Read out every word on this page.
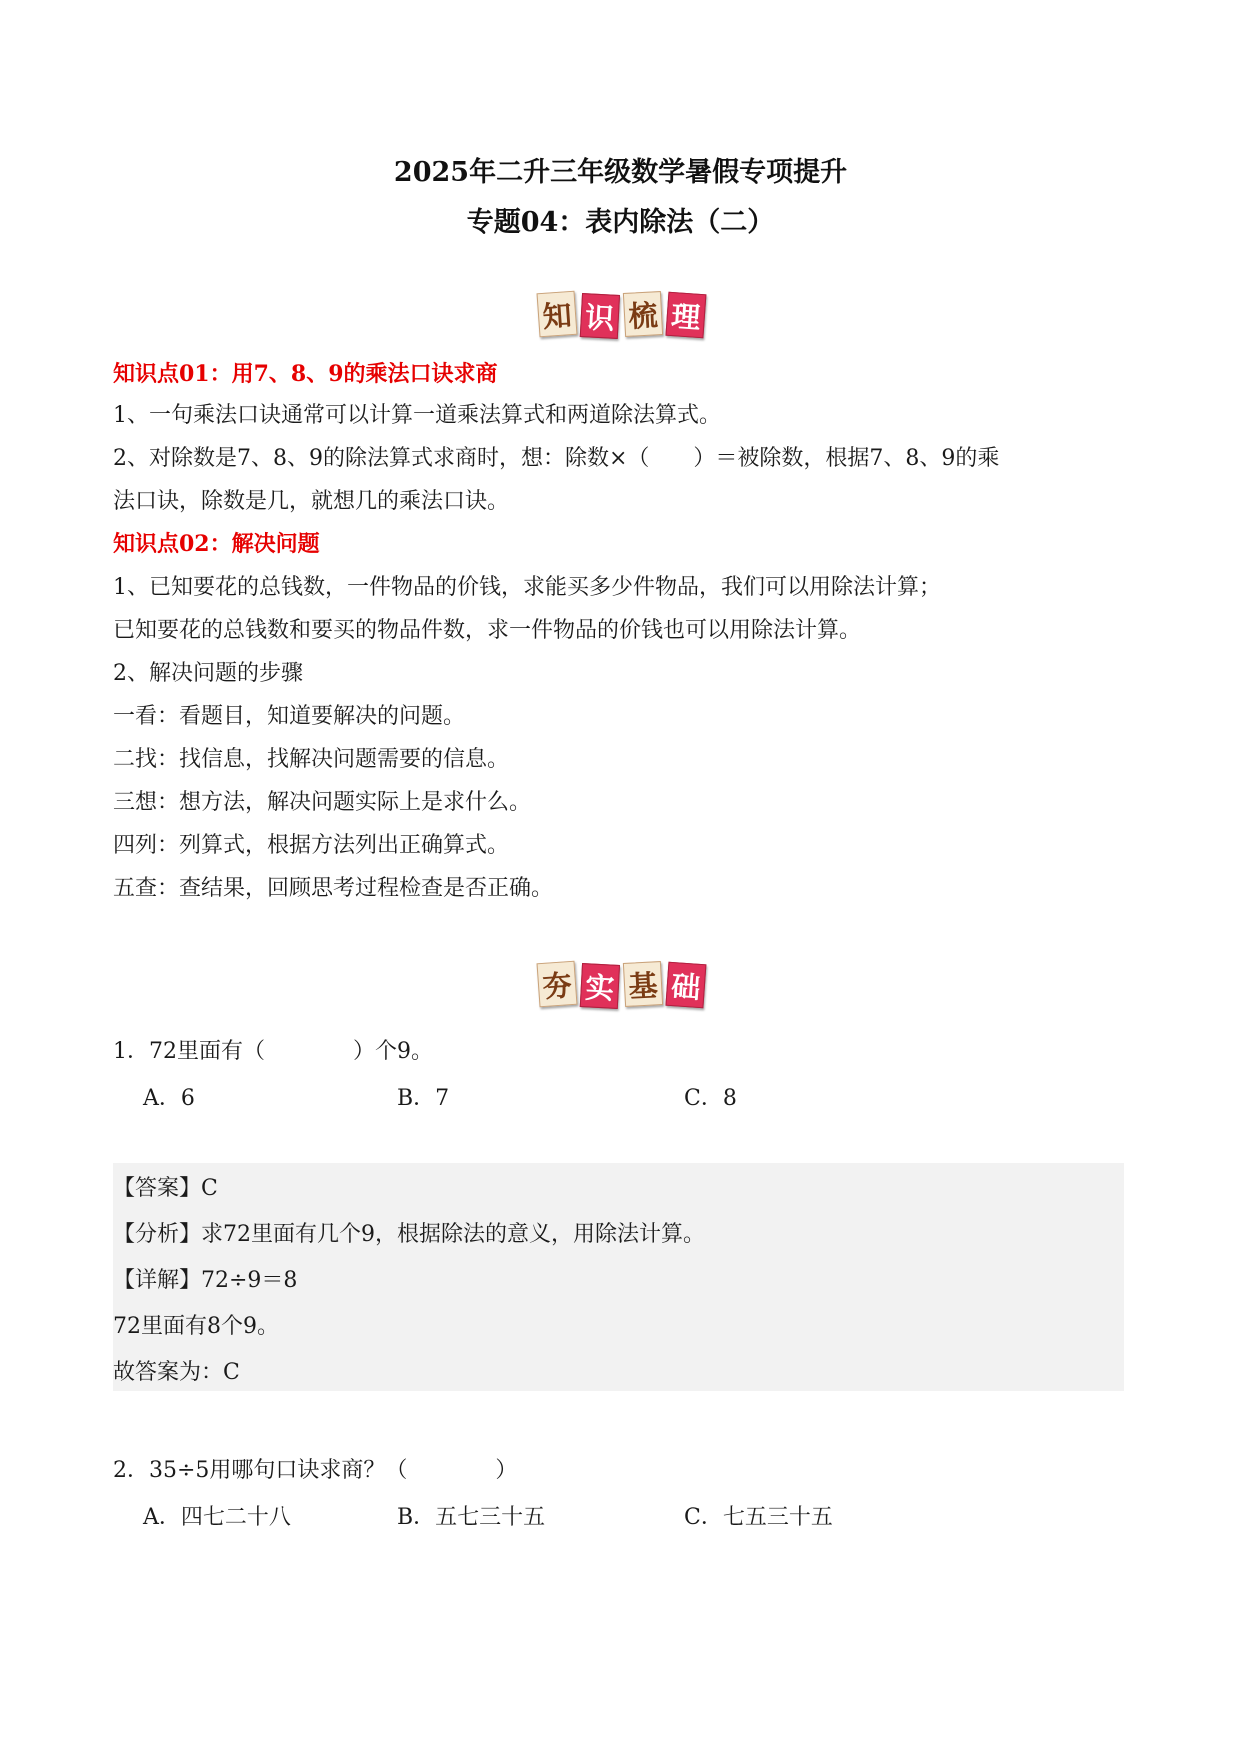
2025年二升三年级数学暑假专项提升
专题04：表内除法（二）
知 识 梳 理
知识点01：用7、8、9的乘法口诀求商
1、一句乘法口诀通常可以计算一道乘法算式和两道除法算式。
2、对除数是7、8、9的除法算式求商时，想：除数×（　　）＝被除数，根据7、8、9的乘
法口诀，除数是几，就想几的乘法口诀。
知识点02：解决问题
1、已知要花的总钱数，一件物品的价钱，求能买多少件物品，我们可以用除法计算；
已知要花的总钱数和要买的物品件数，求一件物品的价钱也可以用除法计算。
2、解决问题的步骤
一看：看题目，知道要解决的问题。
二找：找信息，找解决问题需要的信息。
三想：想方法，解决问题实际上是求什么。
四列：列算式，根据方法列出正确算式。
五查：查结果，回顾思考过程检查是否正确。
夯 实 基 础
1．72里面有（　　　　）个9。
A．6	B．7	C．8
【答案】C
【分析】求72里面有几个9，根据除法的意义，用除法计算。
【详解】72÷9＝8
72里面有8个9。
故答案为：C
2．35÷5用哪句口诀求商？（　　　　）
A．四七二十八	B．五七三十五	C．七五三十五
